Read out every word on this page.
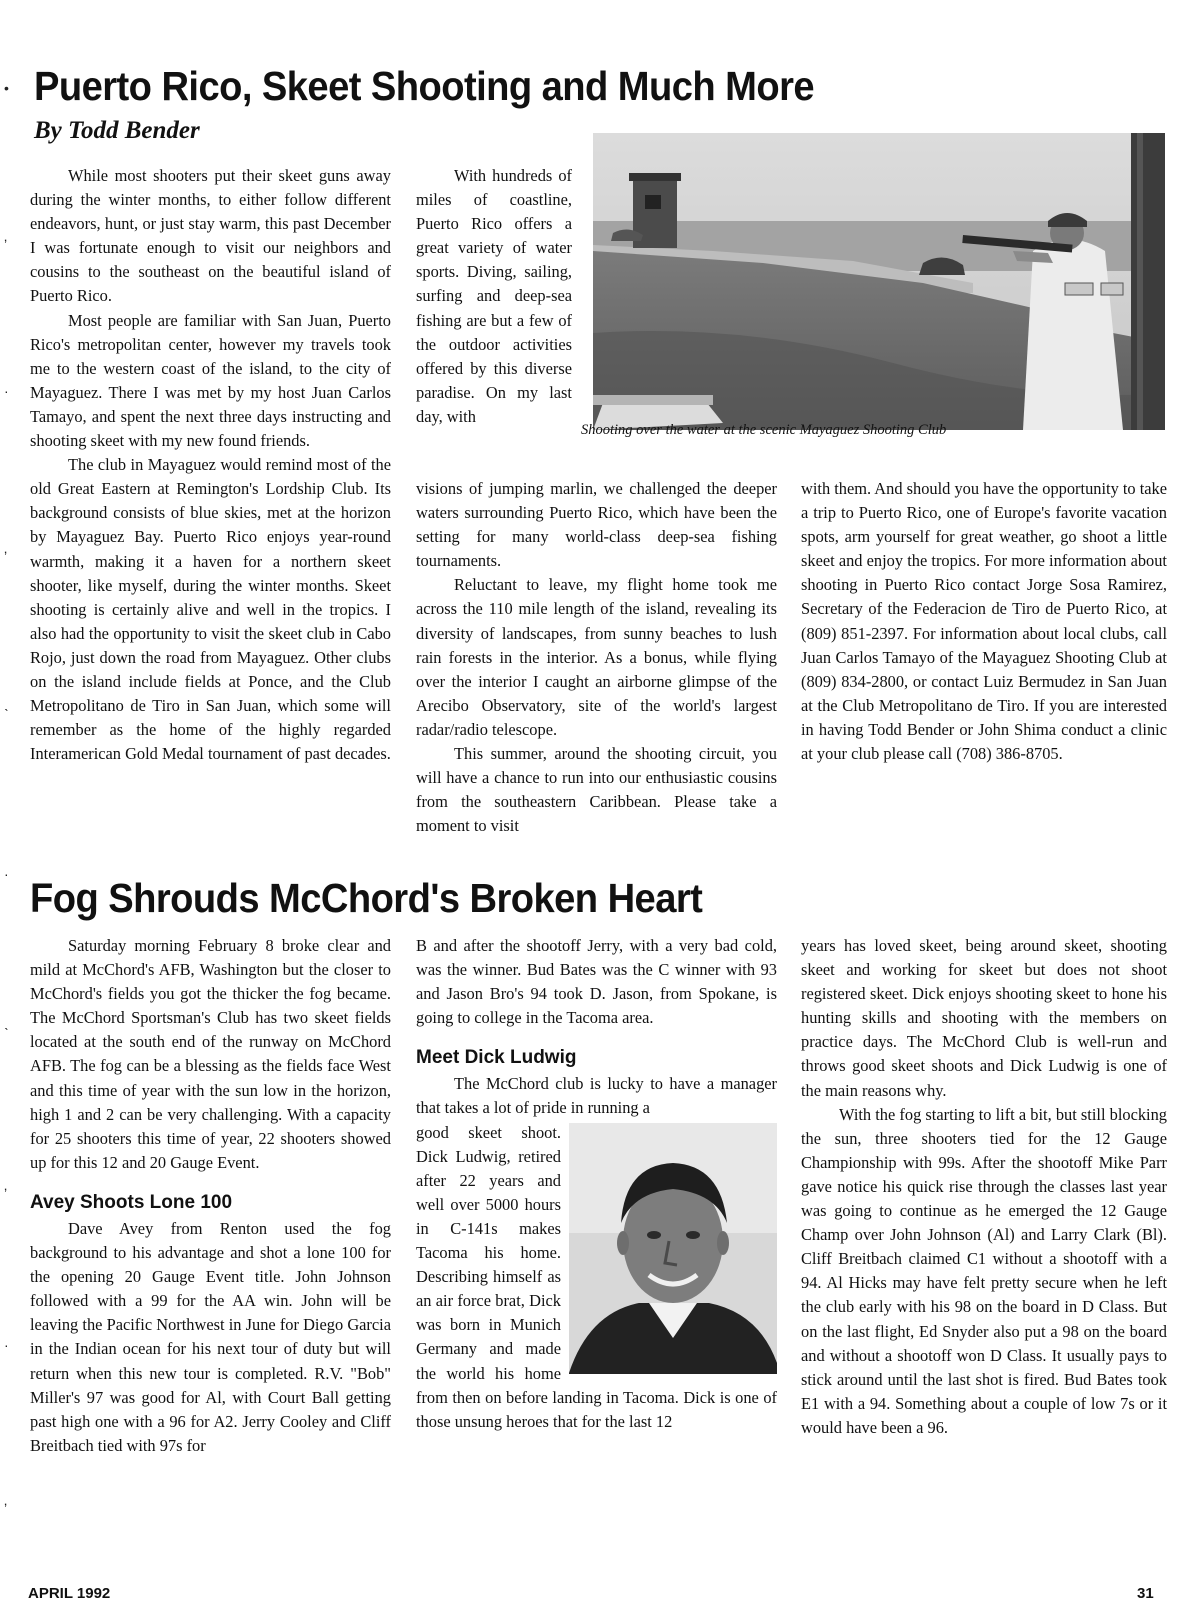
•
‚
·
‚
˴
·
˴
‚
·
‚
Puerto Rico, Skeet Shooting and Much More
By Todd Bender

While most shooters put their skeet guns away during the winter months, to either follow different endeavors, hunt, or just stay warm, this past December I was fortunate enough to visit our neighbors and cousins to the southeast on the beautiful island of Puerto Rico.

Most people are familiar with San Juan, Puerto Rico's metropolitan center, however my travels took me to the western coast of the island, to the city of Mayaguez. There I was met by my host Juan Carlos Tamayo, and spent the next three days instructing and shooting skeet with my new found friends.

The club in Mayaguez would remind most of the old Great Eastern at Remington's Lordship Club. Its background consists of blue skies, met at the horizon by Mayaguez Bay. Puerto Rico enjoys year-round warmth, making it a haven for a northern skeet shooter, like myself, during the winter months. Skeet shooting is certainly alive and well in the tropics. I also had the opportunity to visit the skeet club in Cabo Rojo, just down the road from Mayaguez. Other clubs on the island include fields at Ponce, and the Club Metropolitano de Tiro in San Juan, which some will remember as the home of the highly regarded Interamerican Gold Medal tournament of past decades.

With hundreds of miles of coastline, Puerto Rico offers a great variety of water sports. Diving, sailing, surfing and deep-sea fishing are but a few of the outdoor activities offered by this diverse paradise. On my last day, with

visions of jumping marlin, we challenged the deeper waters surrounding Puerto Rico, which have been the setting for many world-class deep-sea fishing tournaments.

Reluctant to leave, my flight home took me across the 110 mile length of the island, revealing its diversity of landscapes, from sunny beaches to lush rain forests in the interior. As a bonus, while flying over the interior I caught an airborne glimpse of the Arecibo Observatory, site of the world's largest radar/radio telescope.

This summer, around the shooting circuit, you will have a chance to run into our enthusiastic cousins from the southeastern Caribbean. Please take a moment to visit

with them. And should you have the opportunity to take a trip to Puerto Rico, one of Europe's favorite vacation spots, arm yourself for great weather, go shoot a little skeet and enjoy the tropics. For more information about shooting in Puerto Rico contact Jorge Sosa Ramirez, Secretary of the Federacion de Tiro de Puerto Rico, at (809) 851-2397. For information about local clubs, call Juan Carlos Tamayo of the Mayaguez Shooting Club at (809) 834-2800, or contact Luiz Bermudez in San Juan at the Club Metropolitano de Tiro. If you are interested in having Todd Bender or John Shima conduct a clinic at your club please call (708) 386-8705.

Shooting over the water at the scenic Mayaguez Shooting Club
Fog Shrouds McChord's Broken Heart

Saturday morning February 8 broke clear and mild at McChord's AFB, Washington but the closer to McChord's fields you got the thicker the fog became. The McChord Sportsman's Club has two skeet fields located at the south end of the runway on McChord AFB. The fog can be a blessing as the fields face West and this time of year with the sun low in the horizon, high 1 and 2 can be very challenging. With a capacity for 25 shooters this time of year, 22 shooters showed up for this 12 and 20 Gauge Event.

Avey Shoots Lone 100

Dave Avey from Renton used the fog background to his advantage and shot a lone 100 for the opening 20 Gauge Event title. John Johnson followed with a 99 for the AA win. John will be leaving the Pacific Northwest in June for Diego Garcia in the Indian ocean for his next tour of duty but will return when this new tour is completed. R.V. "Bob" Miller's 97 was good for Al, with Court Ball getting past high one with a 96 for A2. Jerry Cooley and Cliff Breitbach tied with 97s for

B and after the shootoff Jerry, with a very bad cold, was the winner. Bud Bates was the C winner with 93 and Jason Bro's 94 took D. Jason, from Spokane, is going to college in the Tacoma area.

Meet Dick Ludwig

The McChord club is lucky to have a manager that takes a lot of pride in running a

good skeet shoot. Dick Ludwig, retired after 22 years and well over 5000 hours in C-141s makes Tacoma his home. Describing himself as an air force brat, Dick was born in Munich Germany and made the world his home from then on before landing in Tacoma. Dick is one of those unsung heroes that for the last 12

years has loved skeet, being around skeet, shooting skeet and working for skeet but does not shoot registered skeet. Dick enjoys shooting skeet to hone his hunting skills and shooting with the members on practice days. The McChord Club is well-run and throws good skeet shoots and Dick Ludwig is one of the main reasons why.

With the fog starting to lift a bit, but still blocking the sun, three shooters tied for the 12 Gauge Championship with 99s. After the shootoff Mike Parr gave notice his quick rise through the classes last year was going to continue as he emerged the 12 Gauge Champ over John Johnson (Al) and Larry Clark (Bl). Cliff Breitbach claimed C1 without a shootoff with a 94. Al Hicks may have felt pretty secure when he left the club early with his 98 on the board in D Class. But on the last flight, Ed Snyder also put a 98 on the board and without a shootoff won D Class. It usually pays to stick around until the last shot is fired. Bud Bates took E1 with a 94. Something about a couple of low 7s or it would have been a 96.

APRIL 1992	31
